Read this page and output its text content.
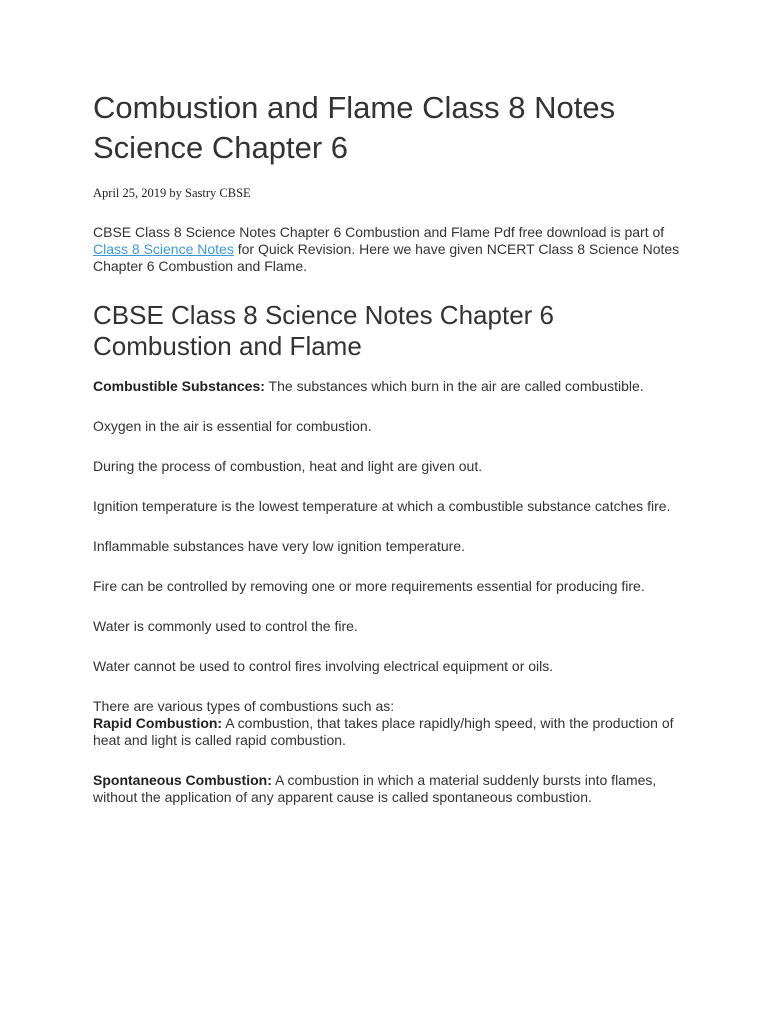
Combustion and Flame Class 8 Notes Science Chapter 6
April 25, 2019 by Sastry CBSE

CBSE Class 8 Science Notes Chapter 6 Combustion and Flame Pdf free download is part of Class 8 Science Notes for Quick Revision. Here we have given NCERT Class 8 Science Notes Chapter 6 Combustion and Flame.

CBSE Class 8 Science Notes Chapter 6 Combustion and Flame

Combustible Substances: The substances which burn in the air are called combustible.

Oxygen in the air is essential for combustion.

During the process of combustion, heat and light are given out.

Ignition temperature is the lowest temperature at which a combustible substance catches fire.

Inflammable substances have very low ignition temperature.

Fire can be controlled by removing one or more requirements essential for producing fire.

Water is commonly used to control the fire.

Water cannot be used to control fires involving electrical equipment or oils.

There are various types of combustions such as:

Rapid Combustion: A combustion, that takes place rapidly/high speed, with the production of heat and light is called rapid combustion.

Spontaneous Combustion: A combustion in which a material suddenly bursts into flames, without the application of any apparent cause is called spontaneous combustion.
